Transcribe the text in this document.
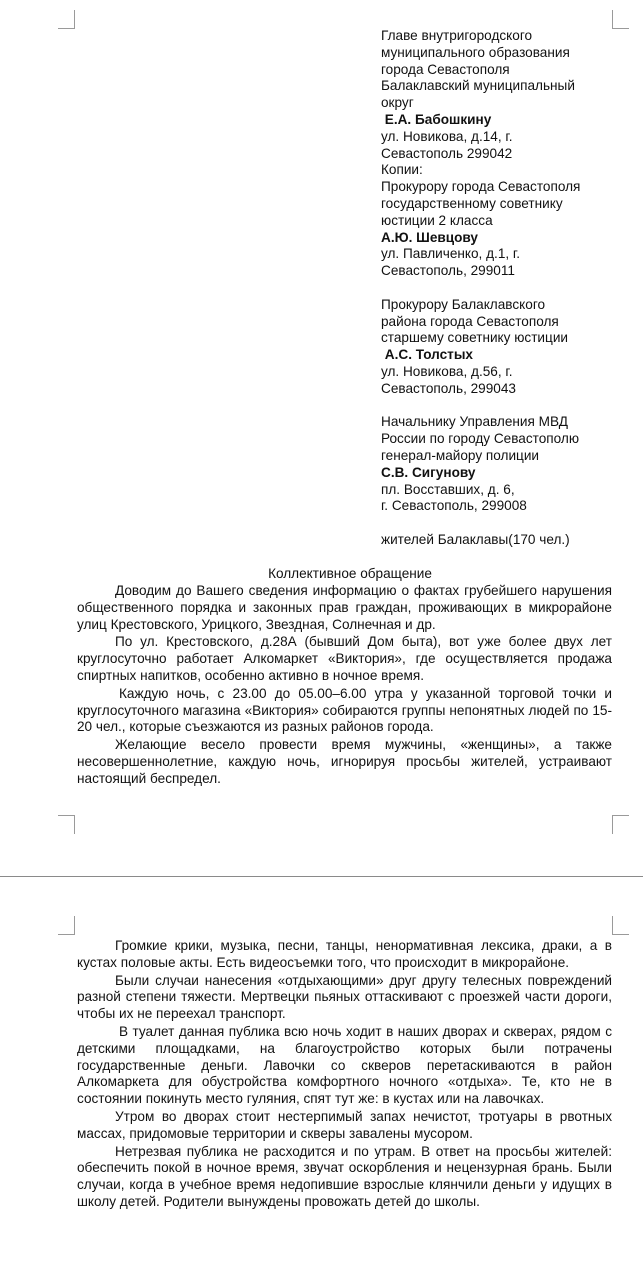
Главе внутригородского
муниципального образования
города Севастополя
Балаклавский муниципальный
округ
Е.А. Бабошкину
ул. Новикова, д.14, г.
Севастополь 299042
Копии:
Прокурору города Севастополя
государственному советнику
юстиции 2 класса
А.Ю. Шевцову
ул. Павличенко, д.1, г.
Севастополь, 299011
Прокурору Балаклавского
района города Севастополя
старшему советнику юстиции
А.С. Толстых
ул. Новикова, д.56, г.
Севастополь, 299043
Начальнику Управления МВД
России по городу Севастополю
генерал-майору полиции
С.В. Сигунову
пл. Восставших, д. 6,
г. Севастополь, 299008
жителей Балаклавы(170 чел.)
Коллективное обращение

Доводим до Вашего сведения информацию о фактах грубейшего нарушения общественного порядка и законных прав граждан, проживающих в микрорайоне улиц Крестовского, Урицкого, Звездная, Солнечная и др.

По ул. Крестовского, д.28А (бывший Дом быта), вот уже более двух лет круглосуточно работает Алкомаркет «Виктория», где осуществляется продажа спиртных напитков, особенно активно в ночное время.

Каждую ночь, с 23.00 до 05.00–6.00 утра у указанной торговой точки и круглосуточного магазина «Виктория» собираются группы непонятных людей по 15-20 чел., которые съезжаются из разных районов города.

Желающие весело провести время мужчины, «женщины», а также несовершеннолетние, каждую ночь, игнорируя просьбы жителей, устраивают настоящий беспредел.

Громкие крики, музыка, песни, танцы, ненормативная лексика, драки, а в кустах половые акты. Есть видеосъемки того, что происходит в микрорайоне.

Были случаи нанесения «отдыхающими» друг другу телесных повреждений разной степени тяжести. Мертвецки пьяных оттаскивают с проезжей части дороги, чтобы их не переехал транспорт.

В туалет данная публика всю ночь ходит в наших дворах и скверах, рядом с детскими площадками, на благоустройство которых были потрачены государственные деньги. Лавочки со скверов перетаскиваются в район Алкомаркета для обустройства комфортного ночного «отдыха». Те, кто не в состоянии покинуть место гуляния, спят тут же: в кустах или на лавочках.

Утром во дворах стоит нестерпимый запах нечистот, тротуары в рвотных массах, придомовые территории и скверы завалены мусором.

Нетрезвая публика не расходится и по утрам. В ответ на просьбы жителей: обеспечить покой в ночное время, звучат оскорбления и нецензурная брань. Были случаи, когда в учебное время недопившие взрослые клянчили деньги у идущих в школу детей. Родители вынуждены провожать детей до школы.
